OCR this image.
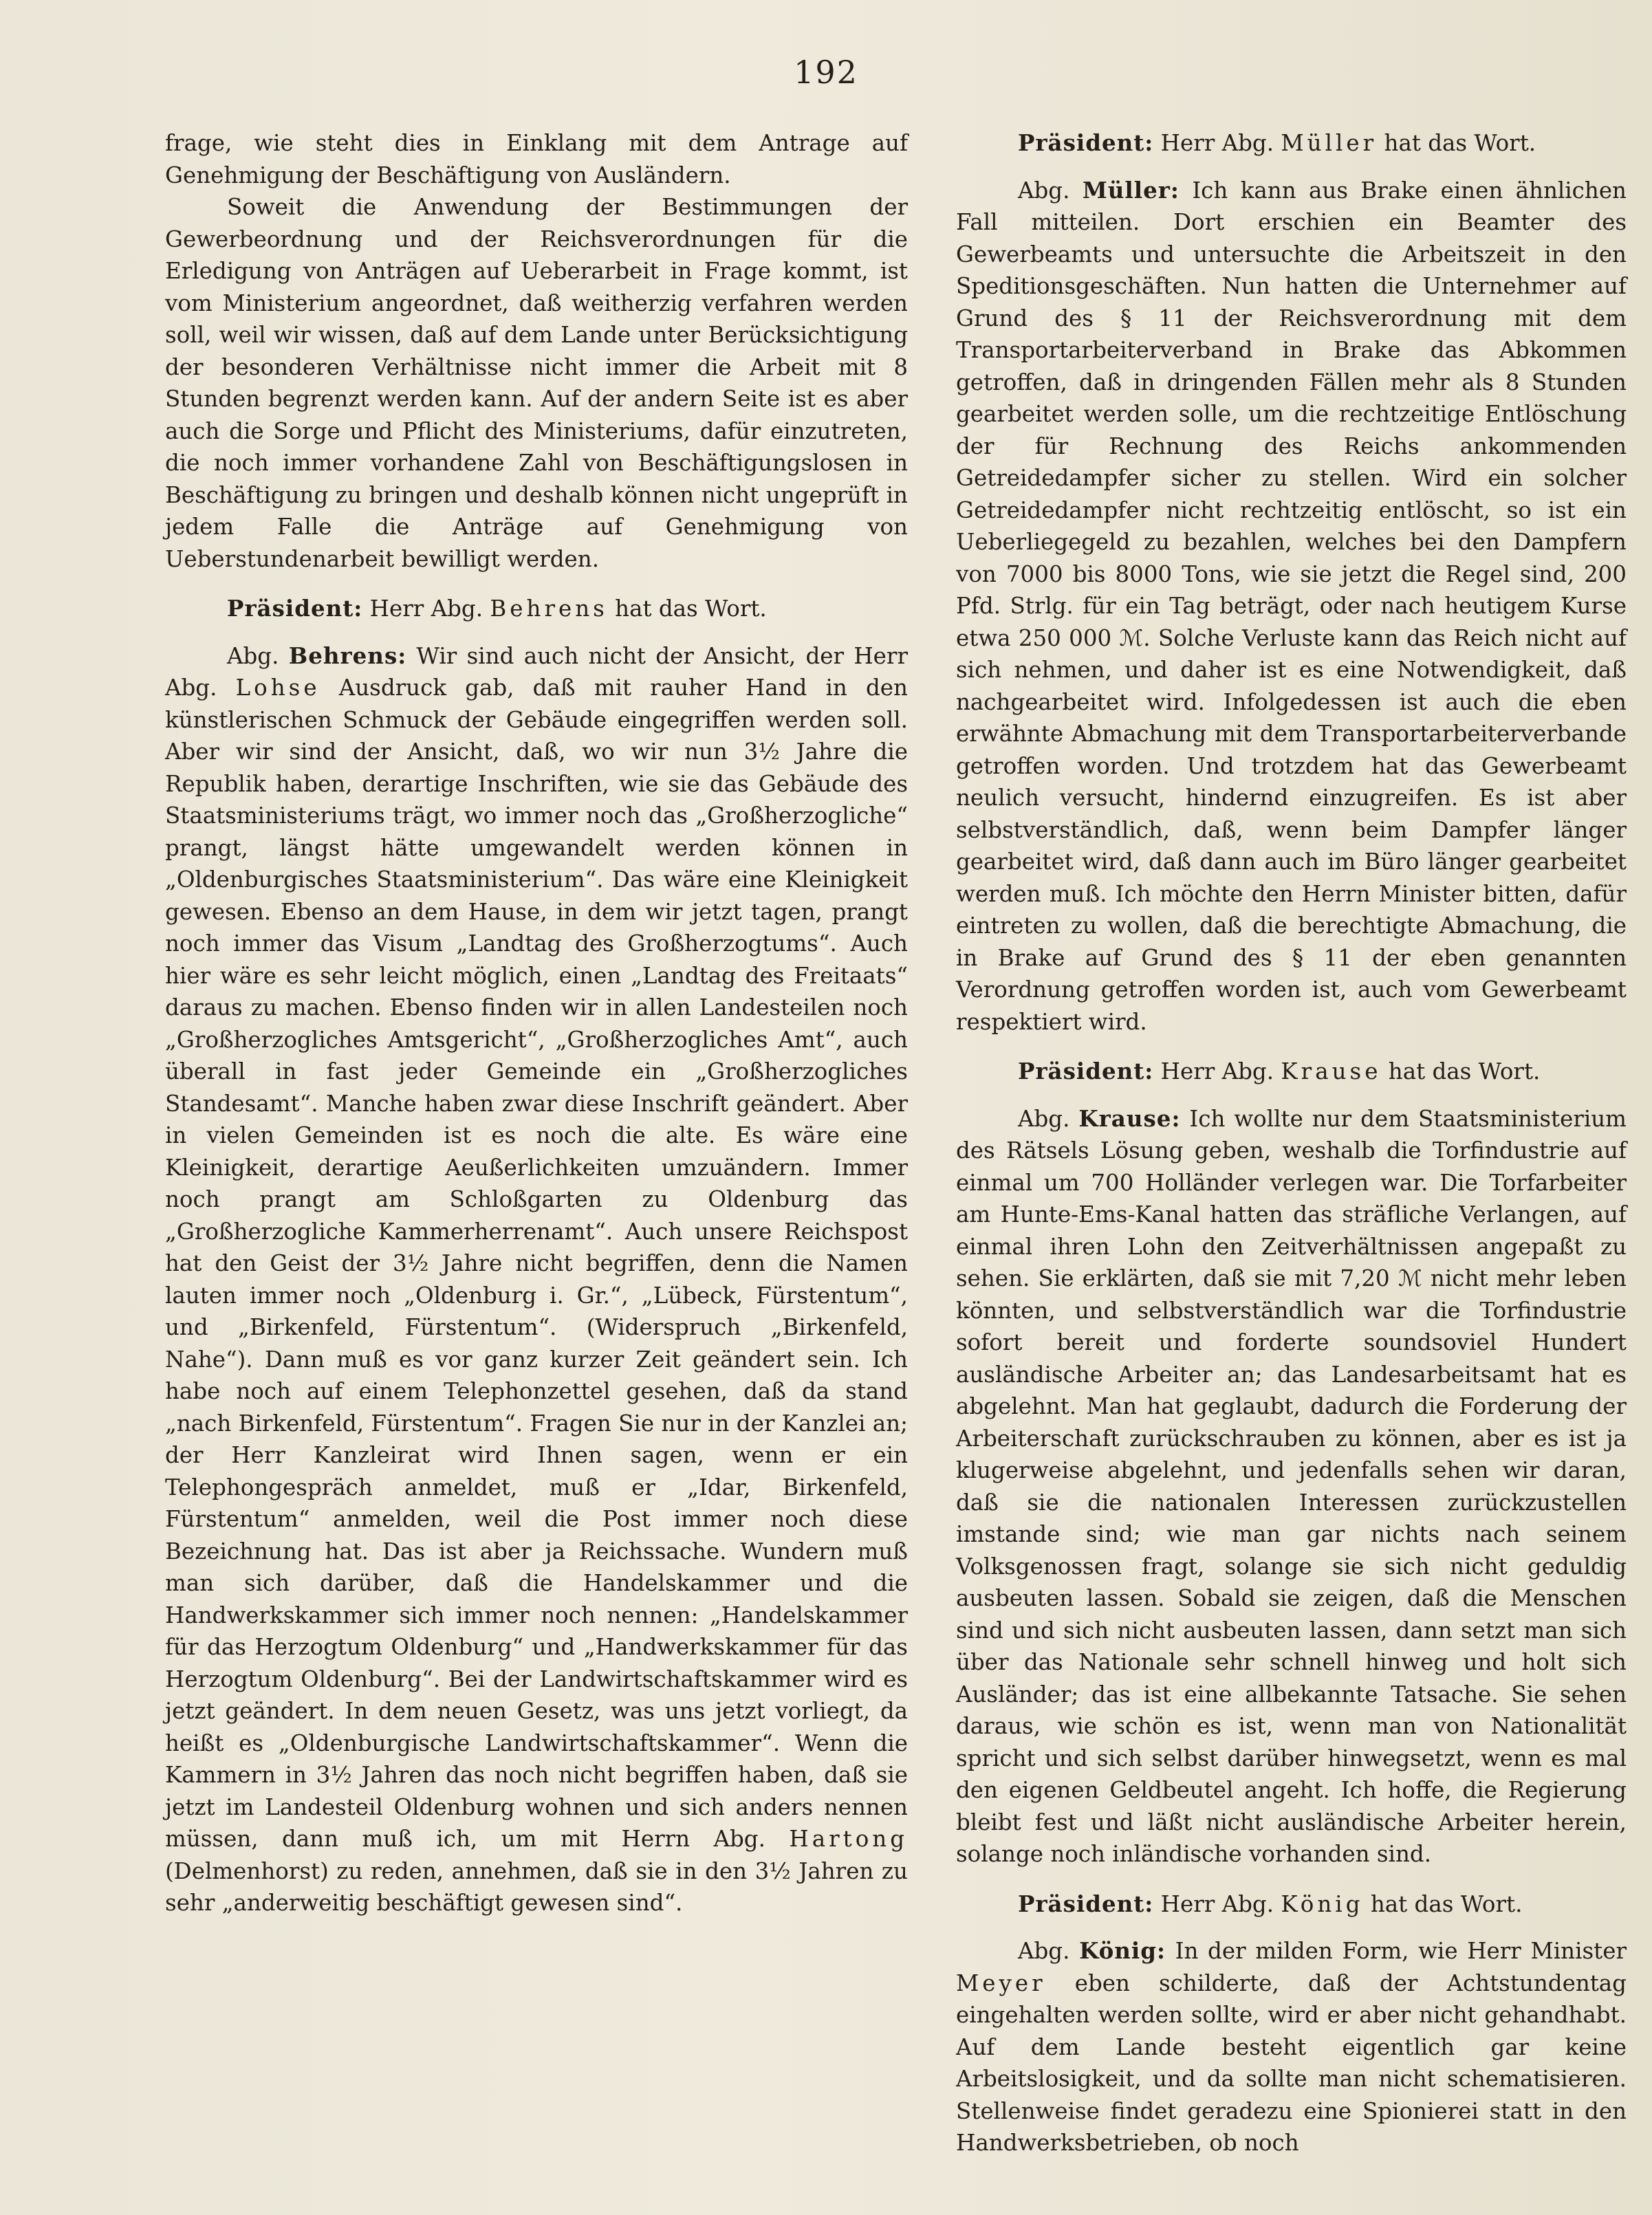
192

frage, wie steht dies in Einklang mit dem Antrage auf Genehmigung der Beschäftigung von Ausländern.

Soweit die Anwendung der Bestimmungen der Gewerbeordnung und der Reichsverordnungen für die Erledigung von Anträgen auf Ueberarbeit in Frage kommt, ist vom Ministerium angeordnet, daß weitherzig verfahren werden soll, weil wir wissen, daß auf dem Lande unter Berücksichtigung der besonderen Verhältnisse nicht immer die Arbeit mit 8 Stunden begrenzt werden kann. Auf der andern Seite ist es aber auch die Sorge und Pflicht des Ministeriums, dafür einzutreten, die noch immer vorhandene Zahl von Beschäftigungslosen in Beschäftigung zu bringen und deshalb können nicht ungeprüft in jedem Falle die Anträge auf Genehmigung von Ueberstundenarbeit bewilligt werden.

Präsident: Herr Abg. Behrens hat das Wort.

Abg. Behrens: Wir sind auch nicht der Ansicht, der Herr Abg. Lohse Ausdruck gab, daß mit rauher Hand in den künstlerischen Schmuck der Gebäude eingegriffen werden soll. Aber wir sind der Ansicht, daß, wo wir nun 3½ Jahre die Republik haben, derartige Inschriften, wie sie das Gebäude des Staatsministeriums trägt, wo immer noch das „Großherzogliche“ prangt, längst hätte umgewandelt werden können in „Oldenburgisches Staatsministerium“. Das wäre eine Kleinigkeit gewesen. Ebenso an dem Hause, in dem wir jetzt tagen, prangt noch immer das Visum „Landtag des Großherzogtums“. Auch hier wäre es sehr leicht möglich, einen „Landtag des Freitaats“ daraus zu machen. Ebenso finden wir in allen Landesteilen noch „Großherzogliches Amtsgericht“, „Großherzogliches Amt“, auch überall in fast jeder Gemeinde ein „Großherzogliches Standesamt“. Manche haben zwar diese Inschrift geändert. Aber in vielen Gemeinden ist es noch die alte. Es wäre eine Kleinigkeit, derartige Aeußerlichkeiten umzuändern. Immer noch prangt am Schloßgarten zu Oldenburg das „Großherzogliche Kammerherrenamt“. Auch unsere Reichspost hat den Geist der 3½ Jahre nicht begriffen, denn die Namen lauten immer noch „Oldenburg i. Gr.“, „Lübeck, Fürstentum“, und „Birkenfeld, Fürstentum“. (Widerspruch „Birkenfeld, Nahe“). Dann muß es vor ganz kurzer Zeit geändert sein. Ich habe noch auf einem Telephonzettel gesehen, daß da stand „nach Birkenfeld, Fürstentum“. Fragen Sie nur in der Kanzlei an; der Herr Kanzleirat wird Ihnen sagen, wenn er ein Telephongespräch anmeldet, muß er „Idar, Birkenfeld, Fürstentum“ anmelden, weil die Post immer noch diese Bezeichnung hat. Das ist aber ja Reichssache. Wundern muß man sich darüber, daß die Handelskammer und die Handwerkskammer sich immer noch nennen: „Handelskammer für das Herzogtum Oldenburg“ und „Handwerkskammer für das Herzogtum Oldenburg“. Bei der Landwirtschaftskammer wird es jetzt geändert. In dem neuen Gesetz, was uns jetzt vorliegt, da heißt es „Oldenburgische Landwirtschaftskammer“. Wenn die Kammern in 3½ Jahren das noch nicht begriffen haben, daß sie jetzt im Landesteil Oldenburg wohnen und sich anders nennen müssen, dann muß ich, um mit Herrn Abg. Hartong (Delmenhorst) zu reden, annehmen, daß sie in den 3½ Jahren zu sehr „anderweitig beschäftigt gewesen sind“.

Präsident: Herr Abg. Müller hat das Wort.

Abg. Müller: Ich kann aus Brake einen ähnlichen Fall mitteilen. Dort erschien ein Beamter des Gewerbeamts und untersuchte die Arbeitszeit in den Speditionsgeschäften. Nun hatten die Unternehmer auf Grund des § 11 der Reichsverordnung mit dem Transportarbeiterverband in Brake das Abkommen getroffen, daß in dringenden Fällen mehr als 8 Stunden gearbeitet werden solle, um die rechtzeitige Entlöschung der für Rechnung des Reichs ankommenden Getreidedampfer sicher zu stellen. Wird ein solcher Getreidedampfer nicht rechtzeitig entlöscht, so ist ein Ueberliegegeld zu bezahlen, welches bei den Dampfern von 7000 bis 8000 Tons, wie sie jetzt die Regel sind, 200 Pfd. Strlg. für ein Tag beträgt, oder nach heutigem Kurse etwa 250 000 ℳ. Solche Verluste kann das Reich nicht auf sich nehmen, und daher ist es eine Notwendigkeit, daß nachgearbeitet wird. Infolgedessen ist auch die eben erwähnte Abmachung mit dem Transportarbeiterverbande getroffen worden. Und trotzdem hat das Gewerbeamt neulich versucht, hindernd einzugreifen. Es ist aber selbstverständlich, daß, wenn beim Dampfer länger gearbeitet wird, daß dann auch im Büro länger gearbeitet werden muß. Ich möchte den Herrn Minister bitten, dafür eintreten zu wollen, daß die berechtigte Abmachung, die in Brake auf Grund des § 11 der eben genannten Verordnung getroffen worden ist, auch vom Gewerbeamt respektiert wird.

Präsident: Herr Abg. Krause hat das Wort.

Abg. Krause: Ich wollte nur dem Staatsministerium des Rätsels Lösung geben, weshalb die Torfindustrie auf einmal um 700 Holländer verlegen war. Die Torfarbeiter am Hunte-Ems-Kanal hatten das sträfliche Verlangen, auf einmal ihren Lohn den Zeitverhältnissen angepaßt zu sehen. Sie erklärten, daß sie mit 7,20 ℳ nicht mehr leben könnten, und selbstverständlich war die Torfindustrie sofort bereit und forderte soundsoviel Hundert ausländische Arbeiter an; das Landesarbeitsamt hat es abgelehnt. Man hat geglaubt, dadurch die Forderung der Arbeiterschaft zurückschrauben zu können, aber es ist ja klugerweise abgelehnt, und jedenfalls sehen wir daran, daß sie die nationalen Interessen zurückzustellen imstande sind; wie man gar nichts nach seinem Volksgenossen fragt, solange sie sich nicht geduldig ausbeuten lassen. Sobald sie zeigen, daß die Menschen sind und sich nicht ausbeuten lassen, dann setzt man sich über das Nationale sehr schnell hinweg und holt sich Ausländer; das ist eine allbekannte Tatsache. Sie sehen daraus, wie schön es ist, wenn man von Nationalität spricht und sich selbst darüber hinwegsetzt, wenn es mal den eigenen Geldbeutel angeht. Ich hoffe, die Regierung bleibt fest und läßt nicht ausländische Arbeiter herein, solange noch inländische vorhanden sind.

Präsident: Herr Abg. König hat das Wort.

Abg. König: In der milden Form, wie Herr Minister Meyer eben schilderte, daß der Achtstundentag eingehalten werden sollte, wird er aber nicht gehandhabt. Auf dem Lande besteht eigentlich gar keine Arbeitslosigkeit, und da sollte man nicht schematisieren. Stellenweise findet geradezu eine Spionierei statt in den Handwerksbetrieben, ob noch
